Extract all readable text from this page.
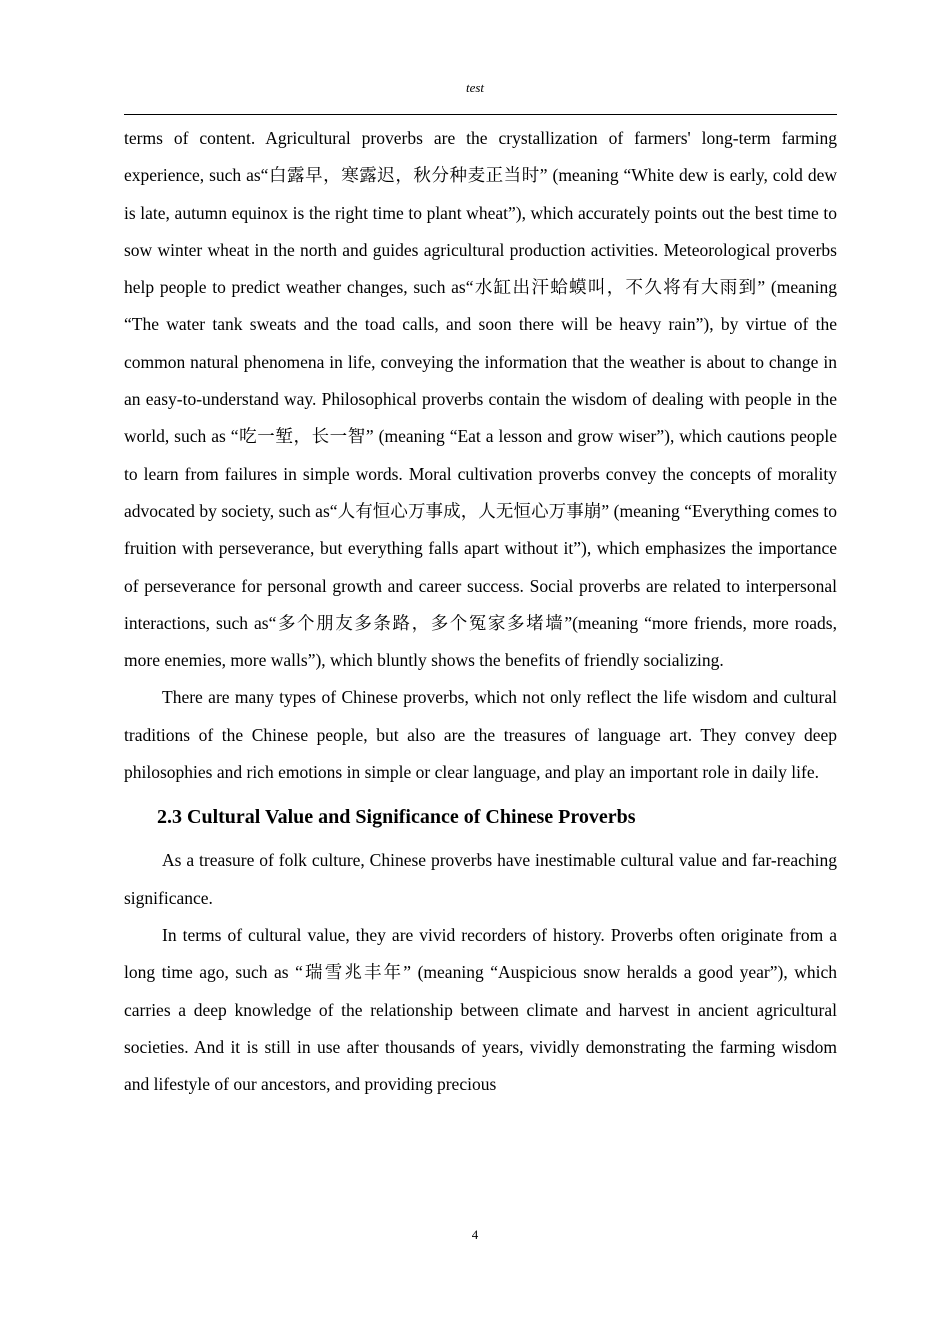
test

terms of content. Agricultural proverbs are the crystallization of farmers' long-term farming experience, such as“白露早，寒露迟，秋分种麦正当时” (meaning “White dew is early, cold dew is late, autumn equinox is the right time to plant wheat”), which accurately points out the best time to sow winter wheat in the north and guides agricultural production activities. Meteorological proverbs help people to predict weather changes, such as“水缸出汗蛤蟆叫，不久将有大雨到” (meaning “The water tank sweats and the toad calls, and soon there will be heavy rain”), by virtue of the common natural phenomena in life, conveying the information that the weather is about to change in an easy-to-understand way. Philosophical proverbs contain the wisdom of dealing with people in the world, such as “吃一堑，长一智” (meaning “Eat a lesson and grow wiser”), which cautions people to learn from failures in simple words. Moral cultivation proverbs convey the concepts of morality advocated by society, such as“人有恒心万事成，人无恒心万事崩” (meaning “Everything comes to fruition with perseverance, but everything falls apart without it”), which emphasizes the importance of perseverance for personal growth and career success. Social proverbs are related to interpersonal interactions, such as“多个朋友多条路，多个冤家多堵墙”(meaning “more friends, more roads, more enemies, more walls”), which bluntly shows the benefits of friendly socializing.

There are many types of Chinese proverbs, which not only reflect the life wisdom and cultural traditions of the Chinese people, but also are the treasures of language art. They convey deep philosophies and rich emotions in simple or clear language, and play an important role in daily life.

2.3 Cultural Value and Significance of Chinese Proverbs

As a treasure of folk culture, Chinese proverbs have inestimable cultural value and far-reaching significance.

In terms of cultural value, they are vivid recorders of history. Proverbs often originate from a long time ago, such as “瑞雪兆丰年” (meaning “Auspicious snow heralds a good year”), which carries a deep knowledge of the relationship between climate and harvest in ancient agricultural societies. And it is still in use after thousands of years, vividly demonstrating the farming wisdom and lifestyle of our ancestors, and providing precious

4
